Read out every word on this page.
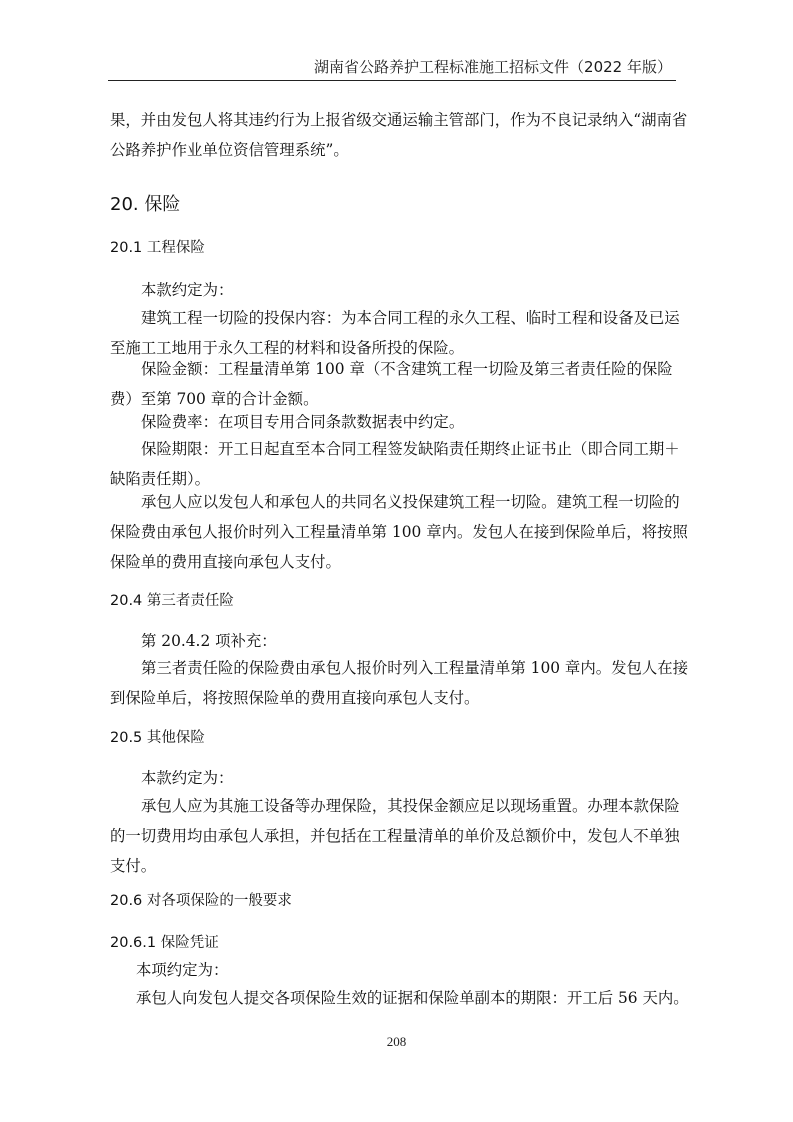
湖南省公路养护工程标准施工招标文件（2022 年版）

果，并由发包人将其违约行为上报省级交通运输主管部门，作为不良记录纳入“湖南省公路养护作业单位资信管理系统”。

20. 保险
20.1 工程保险

本款约定为：

建筑工程一切险的投保内容：为本合同工程的永久工程、临时工程和设备及已运至施工工地用于永久工程的材料和设备所投的保险。

保险金额：工程量清单第 100 章（不含建筑工程一切险及第三者责任险的保险费）至第 700 章的合计金额。

保险费率：在项目专用合同条款数据表中约定。

保险期限：开工日起直至本合同工程签发缺陷责任期终止证书止（即合同工期＋缺陷责任期）。

承包人应以发包人和承包人的共同名义投保建筑工程一切险。建筑工程一切险的保险费由承包人报价时列入工程量清单第 100 章内。发包人在接到保险单后，将按照保险单的费用直接向承包人支付。

20.4 第三者责任险

第 20.4.2 项补充：

第三者责任险的保险费由承包人报价时列入工程量清单第 100 章内。发包人在接到保险单后，将按照保险单的费用直接向承包人支付。

20.5 其他保险

本款约定为：

承包人应为其施工设备等办理保险，其投保金额应足以现场重置。办理本款保险的一切费用均由承包人承担，并包括在工程量清单的单价及总额价中，发包人不单独支付。

20.6 对各项保险的一般要求
20.6.1 保险凭证

本项约定为：

承包人向发包人提交各项保险生效的证据和保险单副本的期限：开工后 56 天内。

208
